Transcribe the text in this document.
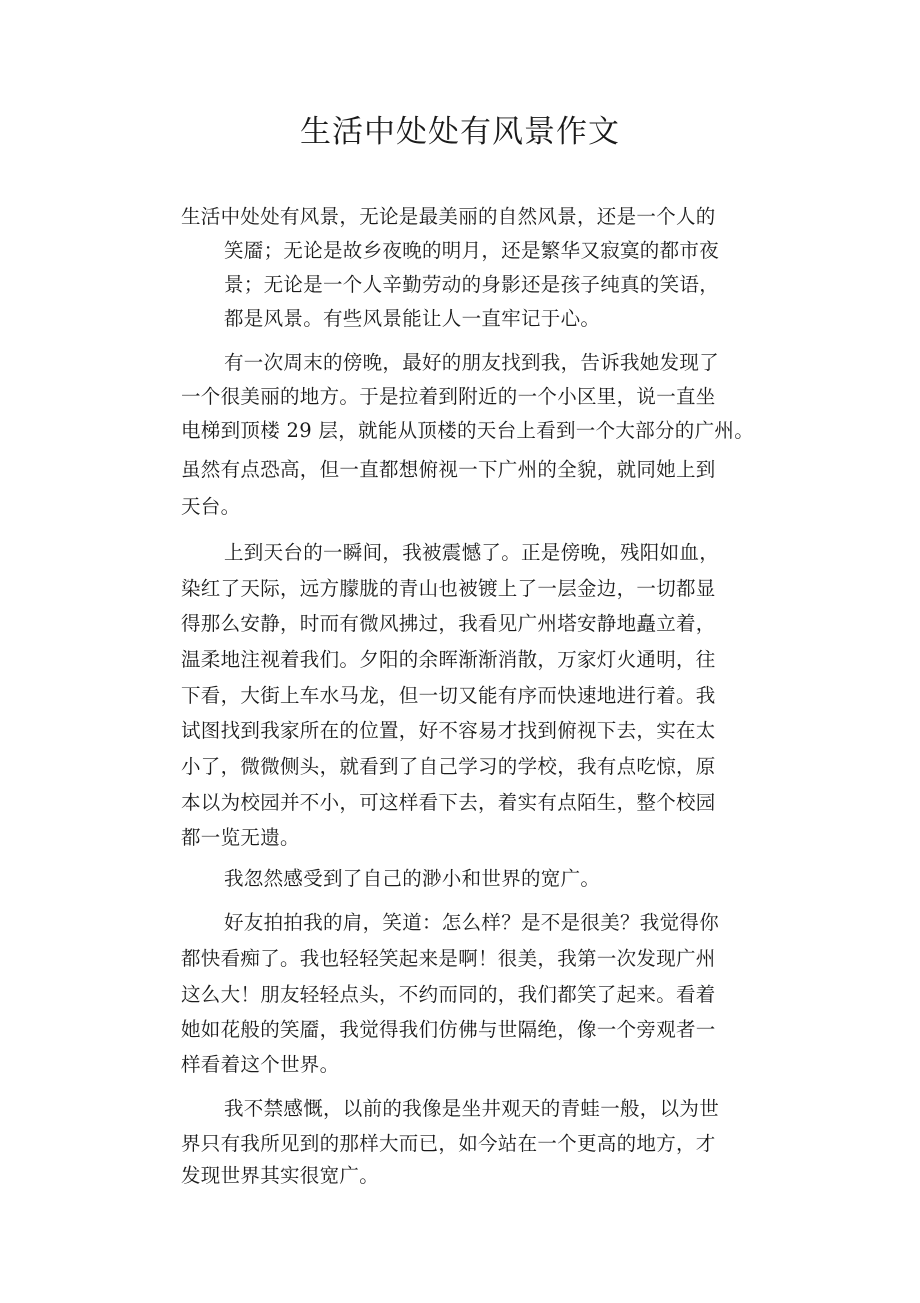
生活中处处有风景作文
生活中处处有风景，无论是最美丽的自然风景，还是一个人的
笑靥；无论是故乡夜晚的明月，还是繁华又寂寞的都市夜
景；无论是一个人辛勤劳动的身影还是孩子纯真的笑语，
都是风景。有些风景能让人一直牢记于心。
有一次周末的傍晚，最好的朋友找到我，告诉我她发现了
一个很美丽的地方。于是拉着到附近的一个小区里，说一直坐
电梯到顶楼 29 层，就能从顶楼的天台上看到一个大部分的广州。
虽然有点恐高，但一直都想俯视一下广州的全貌，就同她上到
天台。
上到天台的一瞬间，我被震憾了。正是傍晚，残阳如血，
染红了天际，远方朦胧的青山也被镀上了一层金边，一切都显
得那么安静，时而有微风拂过，我看见广州塔安静地矗立着，
温柔地注视着我们。夕阳的余晖渐渐消散，万家灯火通明，往
下看，大街上车水马龙，但一切又能有序而快速地进行着。我
试图找到我家所在的位置，好不容易才找到俯视下去，实在太
小了，微微侧头，就看到了自己学习的学校，我有点吃惊，原
本以为校园并不小，可这样看下去，着实有点陌生，整个校园
都一览无遗。
我忽然感受到了自己的渺小和世界的宽广。
好友拍拍我的肩，笑道：怎么样？是不是很美？我觉得你
都快看痴了。我也轻轻笑起来是啊！很美，我第一次发现广州
这么大！朋友轻轻点头，不约而同的，我们都笑了起来。看着
她如花般的笑靥，我觉得我们仿佛与世隔绝，像一个旁观者一
样看着这个世界。
我不禁感慨，以前的我像是坐井观天的青蛙一般，以为世
界只有我所见到的那样大而已，如今站在一个更高的地方，才
发现世界其实很宽广。
